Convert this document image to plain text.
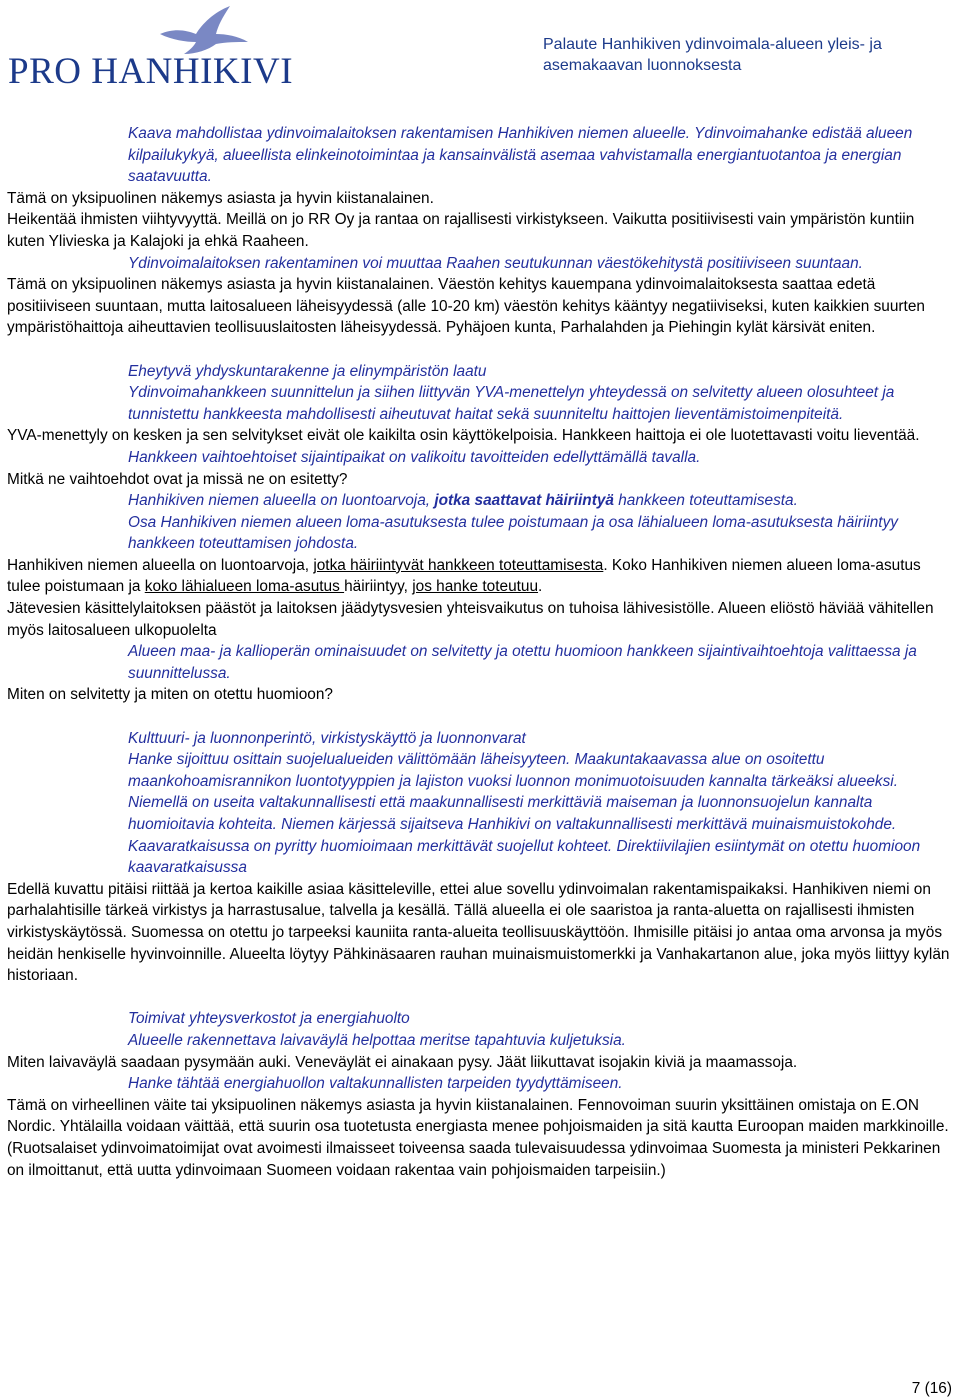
PRO HANHIKIVI
Palaute Hanhikiven ydinvoimala-alueen yleis- ja
asemakaavan luonnoksesta

Kaava mahdollistaa ydinvoimalaitoksen rakentamisen Hanhikiven niemen alueelle. Ydinvoimahanke edistää alueen kilpailukykyä, alueellista elinkeinotoimintaa ja kansainvälistä asemaa vahvistamalla energiantuotantoa ja energian saatavuutta.

Tämä on yksipuolinen näkemys asiasta ja hyvin kiistanalainen.

Heikentää ihmisten viihtyvyyttä. Meillä on jo RR Oy ja rantaa on rajallisesti virkistykseen. Vaikutta positiivisesti vain ympäristön kuntiin kuten Ylivieska ja Kalajoki ja ehkä Raaheen.

Ydinvoimalaitoksen rakentaminen voi muuttaa Raahen seutukunnan väestökehitystä positiiviseen suuntaan.

Tämä on yksipuolinen näkemys asiasta ja hyvin kiistanalainen. Väestön kehitys kauempana ydinvoimalaitoksesta saattaa edetä positiiviseen suuntaan, mutta laitosalueen läheisyydessä (alle 10-20 km) väestön kehitys kääntyy negatiiviseksi, kuten kaikkien suurten ympäristöhaittoja aiheuttavien teollisuuslaitosten läheisyydessä. Pyhäjoen kunta, Parhalahden ja Piehingin kylät kärsivät eniten.

Eheytyvä yhdyskuntarakenne ja elinympäristön laatu

Ydinvoimahankkeen suunnittelun ja siihen liittyvän YVA-menettelyn yhteydessä on selvitetty alueen olosuhteet ja tunnistettu hankkeesta mahdollisesti aiheutuvat haitat sekä suunniteltu haittojen lieventämistoimenpiteitä.

YVA-menettyly on kesken ja sen selvitykset eivät ole kaikilta osin käyttökelpoisia. Hankkeen haittoja ei ole luotettavasti voitu lieventää.

Hankkeen vaihtoehtoiset sijaintipaikat on valikoitu tavoitteiden edellyttämällä tavalla.

Mitkä ne vaihtoehdot ovat ja missä ne on esitetty?

Hanhikiven niemen alueella on luontoarvoja, jotka saattavat häiriintyä hankkeen toteuttamisesta.

Osa Hanhikiven niemen alueen loma-asutuksesta tulee poistumaan ja osa lähialueen loma-asutuksesta häiriintyy hankkeen toteuttamisen johdosta.

Hanhikiven niemen alueella on luontoarvoja, jotka häiriintyvät hankkeen toteuttamisesta. Koko Hanhikiven niemen alueen loma-asutus tulee poistumaan ja koko lähialueen loma-asutus häiriintyy, jos hanke toteutuu.

Jätevesien käsittelylaitoksen päästöt ja laitoksen jäädytysvesien yhteisvaikutus on tuhoisa lähivesistölle. Alueen eliöstö häviää vähitellen myös laitosalueen ulkopuolelta

Alueen maa- ja kallioperän ominaisuudet on selvitetty ja otettu huomioon hankkeen sijaintivaihtoehtoja valittaessa ja suunnittelussa.

Miten on selvitetty ja miten on otettu huomioon?

Kulttuuri- ja luonnonperintö, virkistyskäyttö ja luonnonvarat

Hanke sijoittuu osittain suojelualueiden välittömään läheisyyteen. Maakuntakaavassa alue on osoitettu maankohoamisrannikon luontotyyppien ja lajiston vuoksi luonnon monimuotoisuuden kannalta tärkeäksi alueeksi. Niemellä on useita valtakunnallisesti että maakunnallisesti merkittäviä maiseman ja luonnonsuojelun kannalta huomioitavia kohteita. Niemen kärjessä sijaitseva Hanhikivi on valtakunnallisesti merkittävä muinaismuistokohde. Kaavaratkaisussa on pyritty huomioimaan merkittävät suojellut kohteet. Direktiivilajien esiintymät on otettu huomioon kaavaratkaisussa

Edellä kuvattu pitäisi riittää ja kertoa kaikille asiaa käsitteleville, ettei alue sovellu ydinvoimalan rakentamispaikaksi. Hanhikiven niemi on parhalahtisille tärkeä virkistys ja harrastusalue, talvella ja kesällä. Tällä alueella ei ole saaristoa ja ranta-aluetta on rajallisesti ihmisten virkistyskäytössä. Suomessa on otettu jo tarpeeksi kauniita ranta-alueita teollisuuskäyttöön. Ihmisille pitäisi jo antaa oma arvonsa ja myös heidän henkiselle hyvinvoinnille. Alueelta löytyy Pähkinäsaaren rauhan muinaismuistomerkki ja Vanhakartanon alue, joka myös liittyy kylän historiaan.

Toimivat yhteysverkostot ja energiahuolto

Alueelle rakennettava laivaväylä helpottaa meritse tapahtuvia kuljetuksia.

Miten laivaväylä saadaan pysymään auki. Veneväylät ei ainakaan pysy. Jäät liikuttavat isojakin kiviä ja maamassoja.

Hanke tähtää energiahuollon valtakunnallisten tarpeiden tyydyttämiseen.

Tämä on virheellinen väite tai yksipuolinen näkemys asiasta ja hyvin kiistanalainen. Fennovoiman suurin yksittäinen omistaja on E.ON Nordic. Yhtälailla voidaan väittää, että suurin osa tuotetusta energiasta menee pohjoismaiden ja sitä kautta Euroopan maiden markkinoille. (Ruotsalaiset ydinvoimatoimijat ovat avoimesti ilmaisseet toiveensa saada tulevaisuudessa ydinvoimaa Suomesta ja ministeri Pekkarinen on ilmoittanut, että uutta ydinvoimaan Suomeen voidaan rakentaa vain pohjoismaiden tarpeisiin.)

7 (16)
